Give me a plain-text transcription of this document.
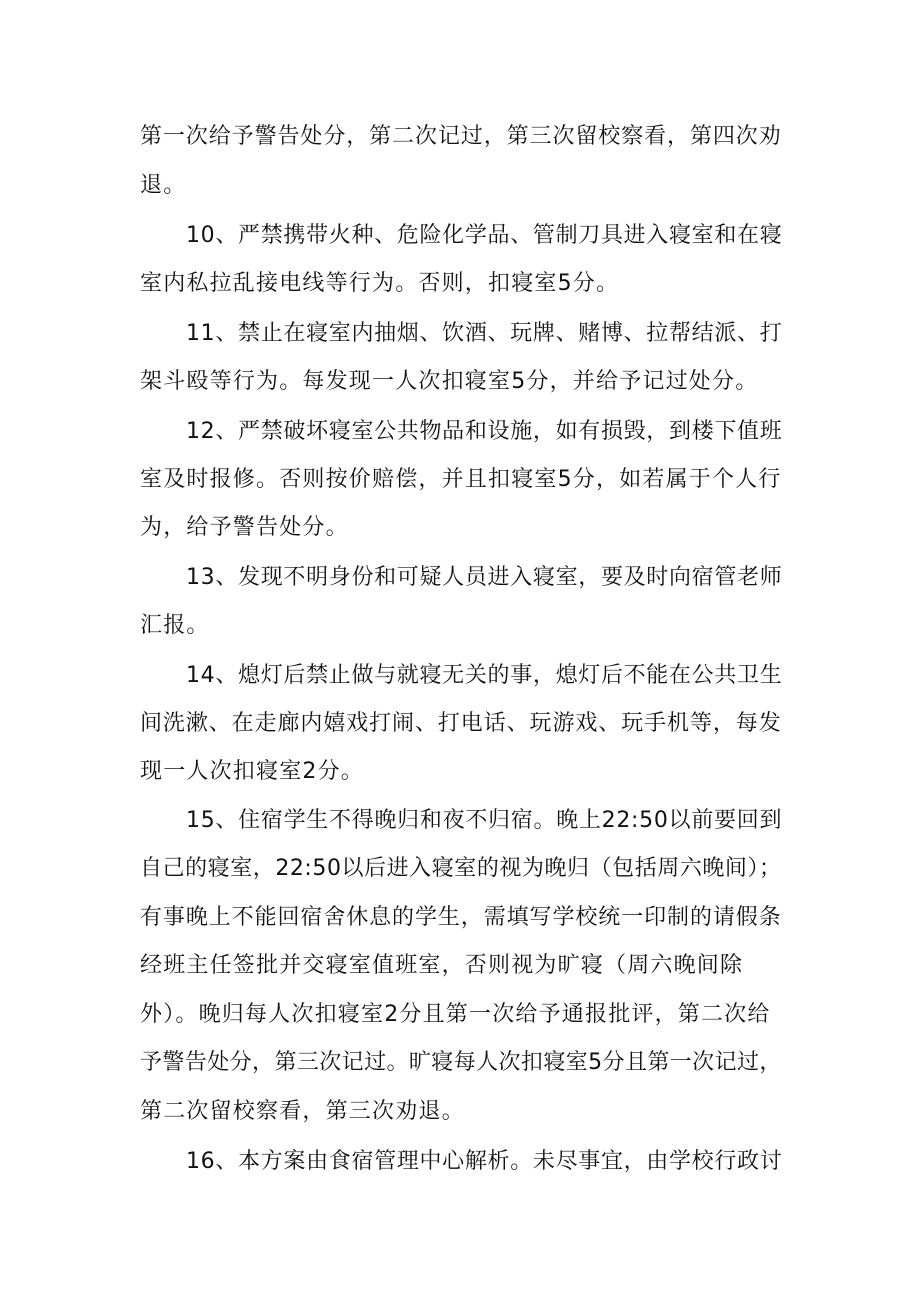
第一次给予警告处分，第二次记过，第三次留校察看，第四次劝
退。
10、严禁携带火种、危险化学品、管制刀具进入寝室和在寝
室内私拉乱接电线等行为。否则，扣寝室5分。
11、禁止在寝室内抽烟、饮酒、玩牌、赌博、拉帮结派、打
架斗殴等行为。每发现一人次扣寝室5分，并给予记过处分。
12、严禁破坏寝室公共物品和设施，如有损毁，到楼下值班
室及时报修。否则按价赔偿，并且扣寝室5分，如若属于个人行
为，给予警告处分。
13、发现不明身份和可疑人员进入寝室，要及时向宿管老师
汇报。
14、熄灯后禁止做与就寝无关的事，熄灯后不能在公共卫生
间洗漱、在走廊内嬉戏打闹、打电话、玩游戏、玩手机等，每发
现一人次扣寝室2分。
15、住宿学生不得晚归和夜不归宿。晚上22:50以前要回到
自己的寝室，22:50以后进入寝室的视为晚归（包括周六晚间）；
有事晚上不能回宿舍休息的学生，需填写学校统一印制的请假条
经班主任签批并交寝室值班室，否则视为旷寝（周六晚间除
外）。晚归每人次扣寝室2分且第一次给予通报批评，第二次给
予警告处分，第三次记过。旷寝每人次扣寝室5分且第一次记过，
第二次留校察看，第三次劝退。
16、本方案由食宿管理中心解析。未尽事宜，由学校行政讨
